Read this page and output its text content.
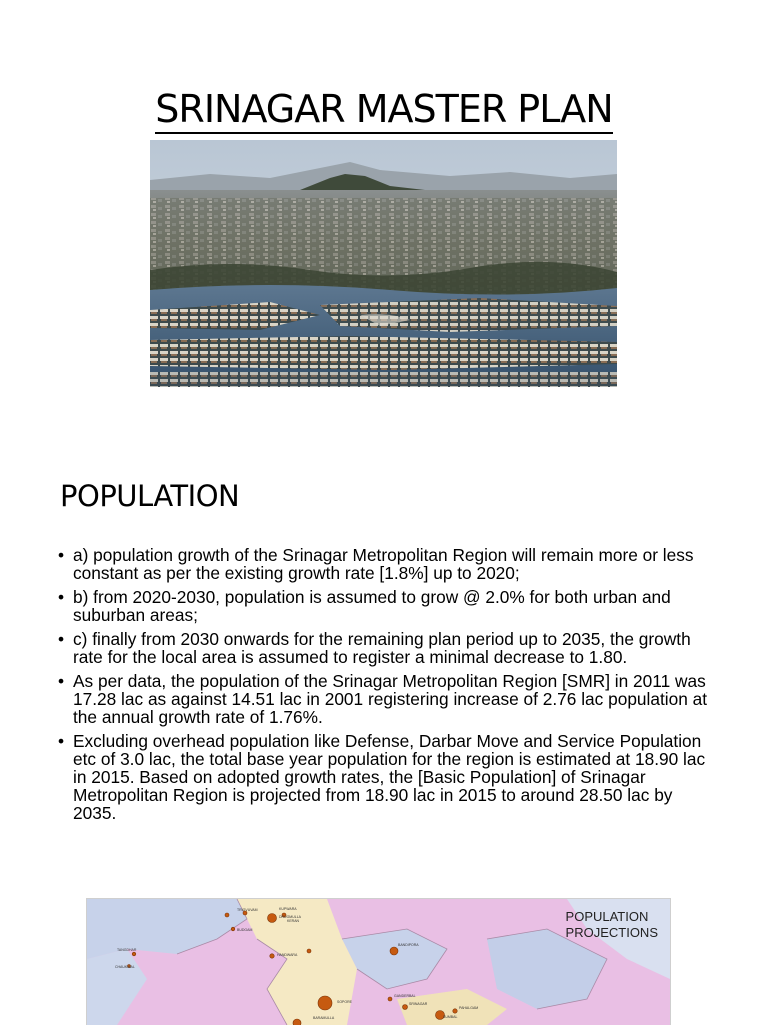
SRINAGAR MASTER PLAN
POPULATION
• a) population growth of the Srinagar Metropolitan Region will remain more or less constant as per the existing growth rate [1.8%] up to 2020;
• b) from 2020-2030, population is assumed to grow @ 2.0% for both urban and suburban areas;
• c) finally from 2030 onwards for the remaining plan period up to 2035, the growth rate for the local area is assumed to register a minimal decrease to 1.80.
• As per data, the population of the Srinagar Metropolitan Region [SMR] in 2011 was 17.28 lac as against 14.51 lac in 2001 registering increase of 2.76 lac population at the annual growth rate of 1.76%.
• Excluding overhead population like Defense, Darbar Move and Service Population etc of 3.0 lac, the total base year population for the region is estimated at 18.90 lac in 2015. Based on adopted growth rates, the [Basic Population] of Srinagar Metropolitan Region is projected from 18.90 lac in 2015 to around 28.50 lac by 2035.
TRIGVUVAM	KUPWARA
DRUGMULLA
HANDWARA
BANDIPORA
SOPORE
BARAMULLA
GANDERBAL
BUDGAM
SRINAGAR
PAHALGAM
TANGDHAR
CHAUKIBAL
KERAN
SUMBAL
POPULATION
PROJECTIONS
